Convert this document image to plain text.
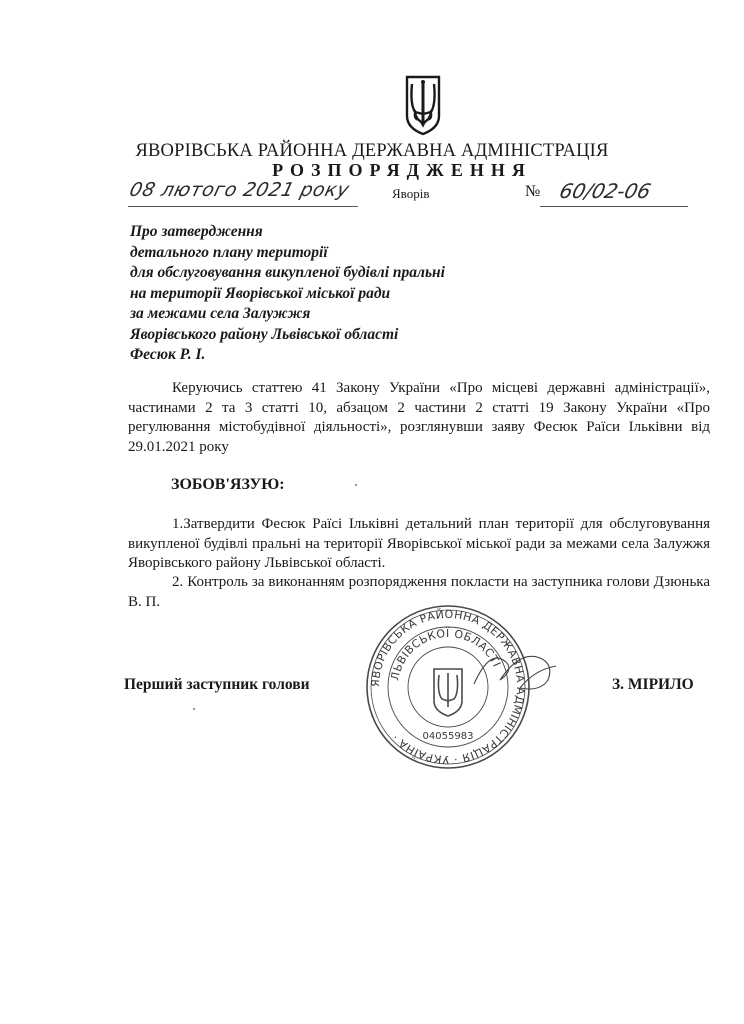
ЯВОРІВСЬКА РАЙОННА ДЕРЖАВНА АДМІНІСТРАЦІЯ
РОЗПОРЯДЖЕННЯ
08 лютого 2021 року	Яворів	№ 60/02-06
Про затвердження
детального плану території
для обслуговування викупленої будівлі пральні
на території Яворівської міської ради
за межами села Залужжя
Яворівського району Львівської області
Фесюк Р. І.

Керуючись статтею 41 Закону України «Про місцеві державні адміністрації», частинами 2 та 3 статті 10, абзацом 2 частини 2 статті 19 Закону України «Про регулювання містобудівної діяльності», розглянувши заяву Фесюк Раїси Ільківни від 29.01.2021 року

ЗОБОВ'ЯЗУЮ:

1.Затвердити Фесюк Раїсі Ільківні детальний план території для обслуговування викупленої будівлі пральні на території Яворівської міської ради за межами села Залужжя Яворівського району Львівської області.

2. Контроль за виконанням розпорядження покласти на заступника голови Дзюнька В. П.

Перший заступник голови	З. МІРИЛО
ЯВОРІВСЬКА РАЙОННА ДЕРЖАВНА АДМІНІСТРАЦІЯ · УКРАЇНА ·
ЛЬВІВСЬКОЇ ОБЛАСТІ
04055983
